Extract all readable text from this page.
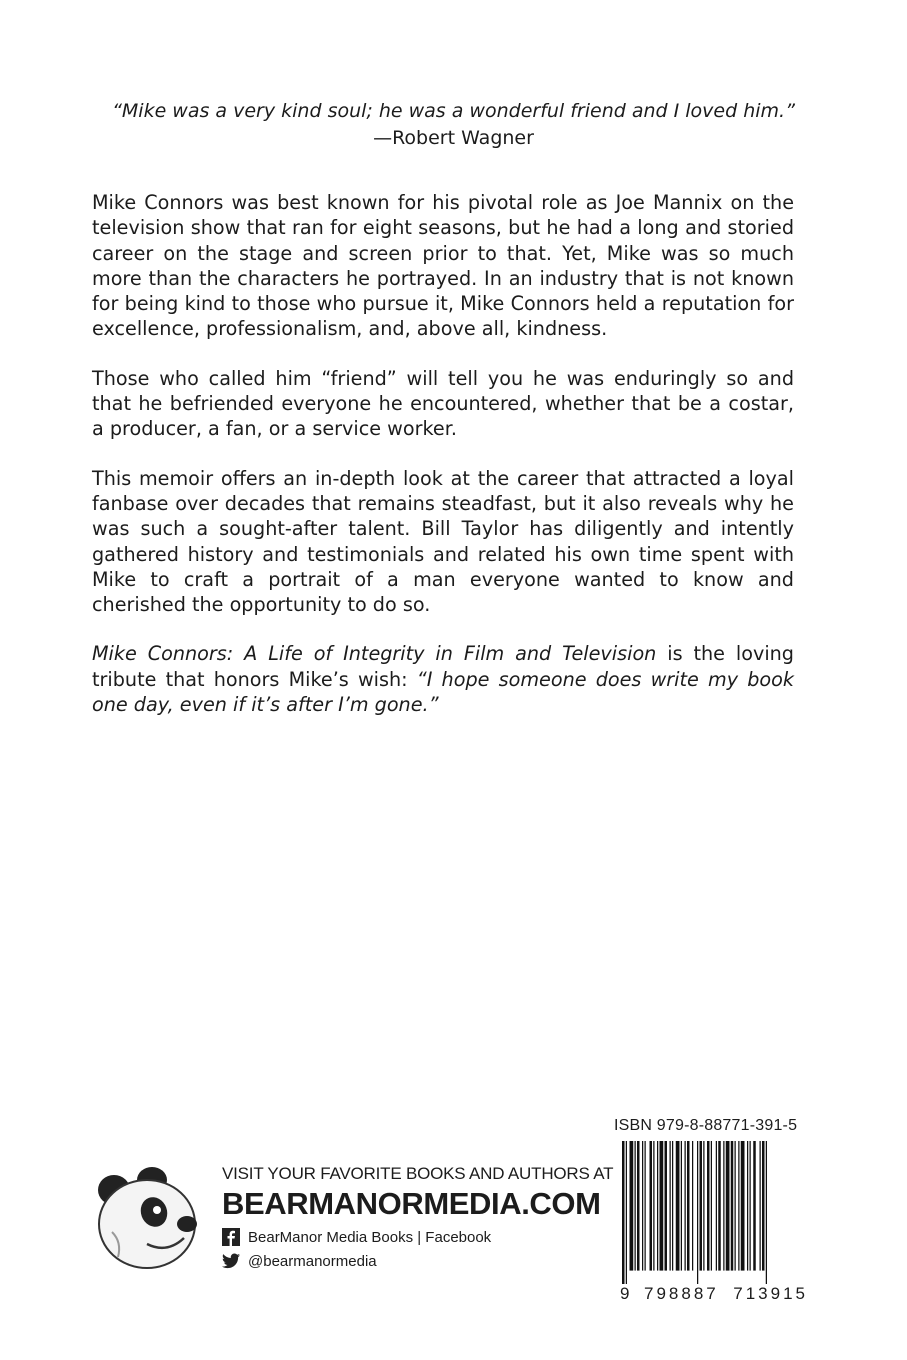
“Mike was a very kind soul; he was a wonderful friend and I loved him.”
—Robert Wagner

Mike Connors was best known for his pivotal role as Joe Mannix on the television show that ran for eight seasons, but he had a long and storied career on the stage and screen prior to that. Yet, Mike was so much more than the characters he portrayed. In an industry that is not known for being kind to those who pursue it, Mike Connors held a reputation for excellence, professionalism, and, above all, kindness.

Those who called him “friend” will tell you he was enduringly so and that he befriended everyone he encountered, whether that be a costar, a producer, a fan, or a service worker.

This memoir offers an in-depth look at the career that attracted a loyal fanbase over decades that remains steadfast, but it also reveals why he was such a sought-after talent. Bill Taylor has diligently and intently gathered history and testimonials and related his own time spent with Mike to craft a portrait of a man everyone wanted to know and cherished the opportunity to do so.

Mike Connors: A Life of Integrity in Film and Television is the loving tribute that honors Mike’s wish: “I hope someone does write my book one day, even if it’s after I’m gone.”

VISIT YOUR FAVORITE BOOKS AND AUTHORS AT
BEARMANORMEDIA.COM
BearManor Media Books | Facebook
@bearmanormedia
ISBN 979-8-88771-391-5
9 798887 713915
